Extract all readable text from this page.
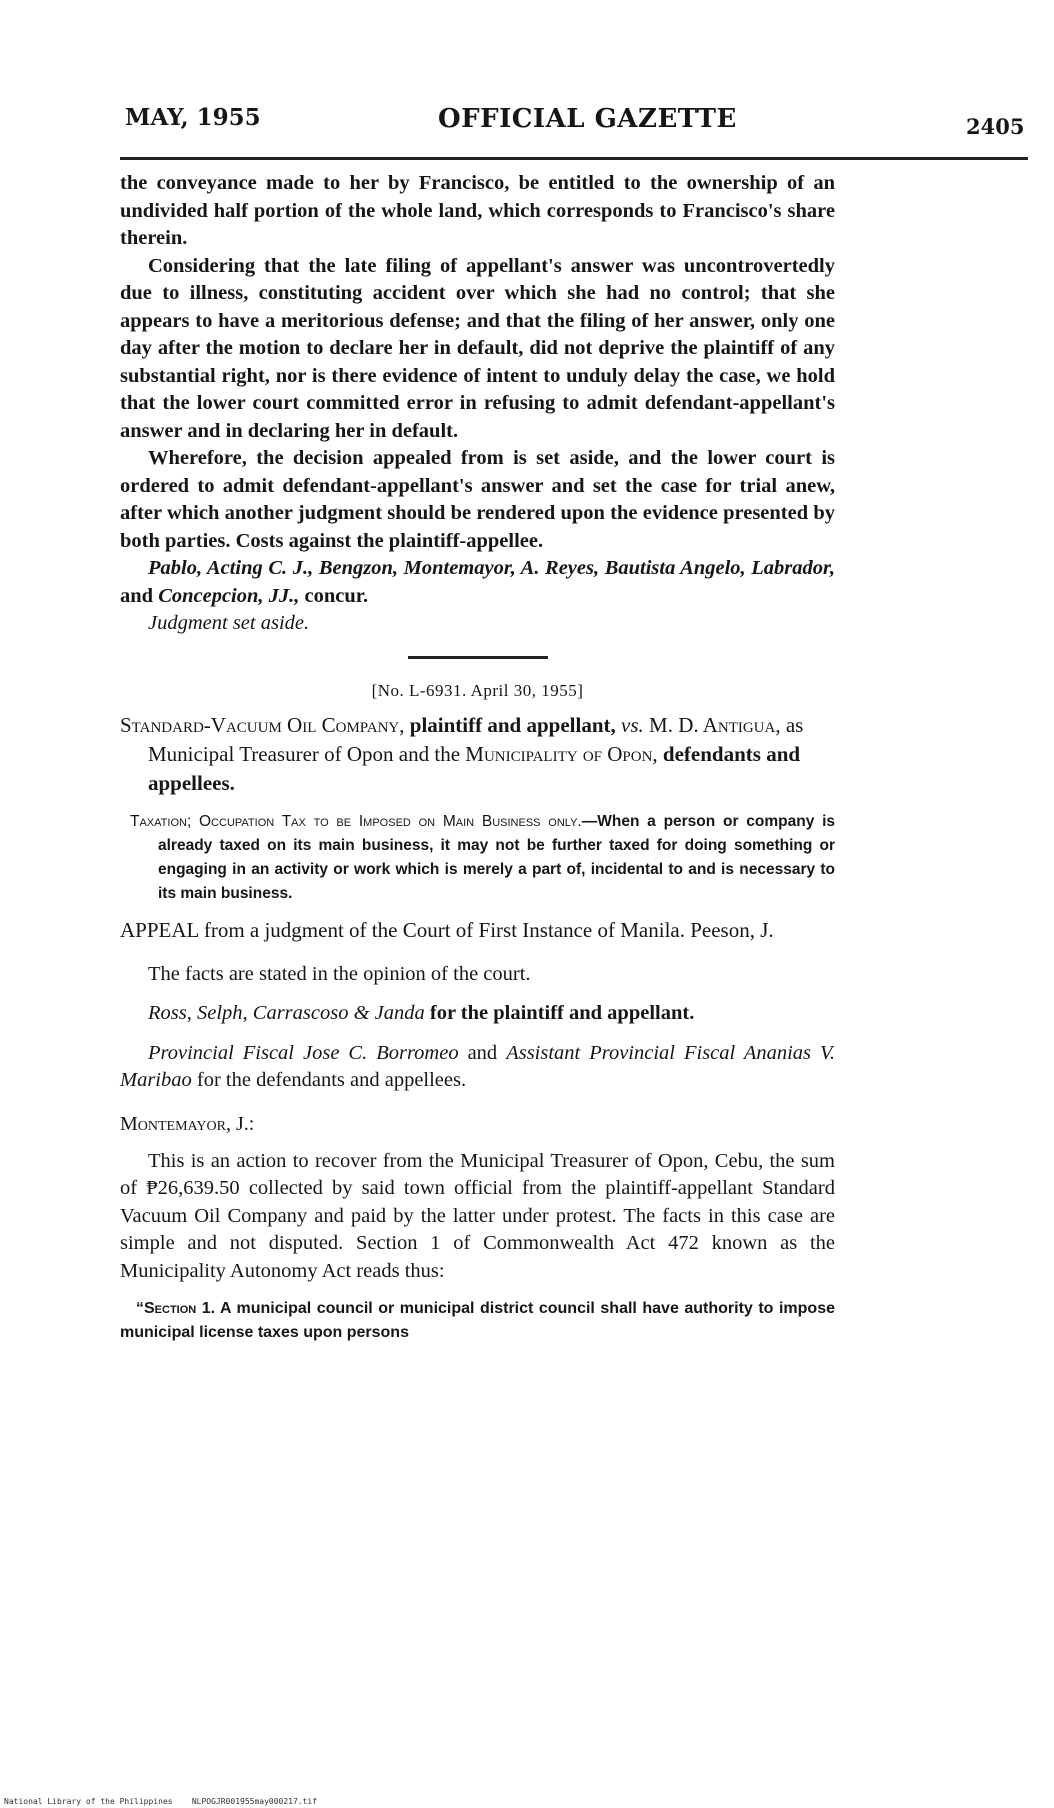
MAY, 1955	OFFICIAL GAZETTE	2405

the conveyance made to her by Francisco, be entitled to the ownership of an undivided half portion of the whole land, which corresponds to Francisco's share therein.

Considering that the late filing of appellant's answer was uncontrovertedly due to illness, constituting accident over which she had no control; that she appears to have a meritorious defense; and that the filing of her answer, only one day after the motion to declare her in default, did not deprive the plaintiff of any substantial right, nor is there evidence of intent to unduly delay the case, we hold that the lower court committed error in refusing to admit defendant-appellant's answer and in declaring her in default.

Wherefore, the decision appealed from is set aside, and the lower court is ordered to admit defendant-appellant's answer and set the case for trial anew, after which another judgment should be rendered upon the evidence presented by both parties. Costs against the plaintiff-appellee.

Pablo, Acting C. J., Bengzon, Montemayor, A. Reyes, Bautista Angelo, Labrador, and Concepcion, JJ., concur.

Judgment set aside.

[No. L-6931. April 30, 1955]

Standard-Vacuum Oil Company, plaintiff and appellant, vs. M. D. Antigua, as Municipal Treasurer of Opon and the Municipality of Opon, defendants and appellees.

Taxation; Occupation Tax to be Imposed on Main Business only.—When a person or company is already taxed on its main business, it may not be further taxed for doing something or engaging in an activity or work which is merely a part of, incidental to and is necessary to its main business.

APPEAL from a judgment of the Court of First Instance of Manila. Peeson, J.

The facts are stated in the opinion of the court.

Ross, Selph, Carrascoso & Janda for the plaintiff and appellant.

Provincial Fiscal Jose C. Borromeo and Assistant Provincial Fiscal Ananias V. Maribao for the defendants and appellees.

Montemayor, J.:

This is an action to recover from the Municipal Treasurer of Opon, Cebu, the sum of ₱26,639.50 collected by said town official from the plaintiff-appellant Standard Vacuum Oil Company and paid by the latter under protest. The facts in this case are simple and not disputed. Section 1 of Commonwealth Act 472 known as the Municipality Autonomy Act reads thus:

“Section 1. A municipal council or municipal district council shall have authority to impose municipal license taxes upon persons

National Library of the Philippines    NLPOGJR001955may000217.tif
